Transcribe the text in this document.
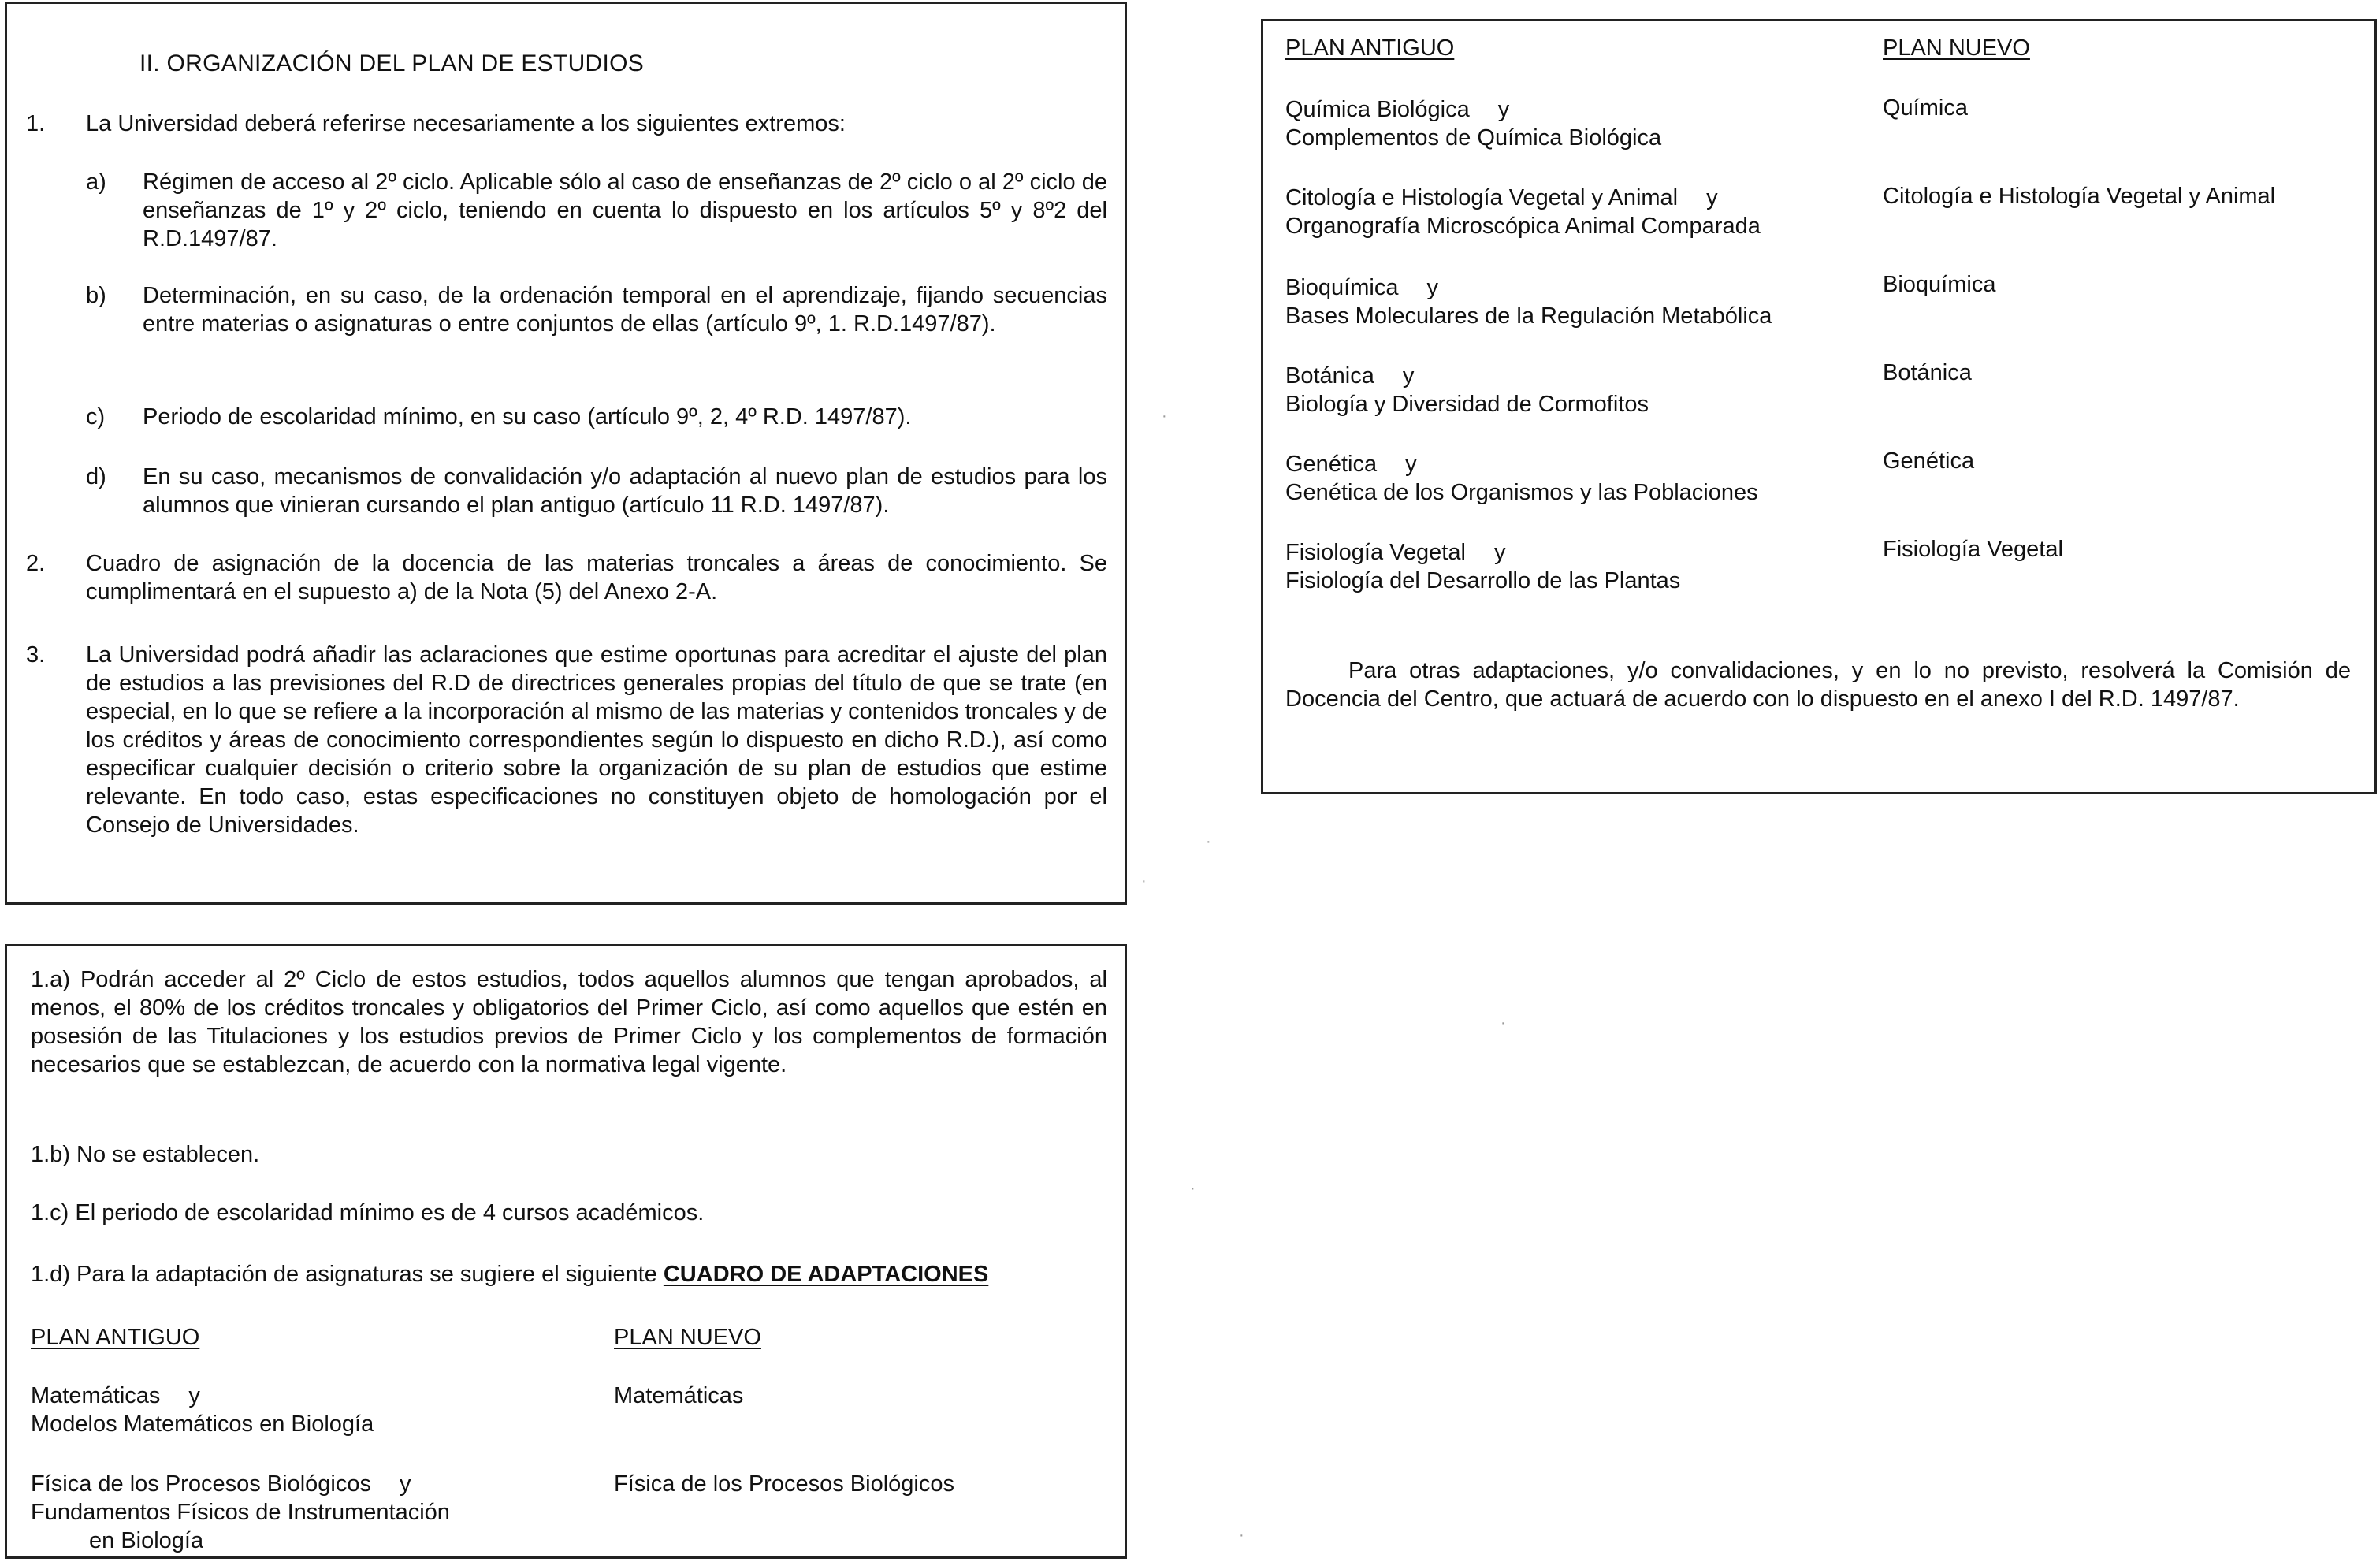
II. ORGANIZACIÓN DEL PLAN DE ESTUDIOS
1. La Universidad deberá referirse necesariamente a los siguientes extremos:
a) Régimen de acceso al 2º ciclo. Aplicable sólo al caso de enseñanzas de 2º ciclo o al 2º ciclo de enseñanzas de 1º y 2º ciclo, teniendo en cuenta lo dispuesto en los artículos 5º y 8º2 del R.D.1497/87.
b) Determinación, en su caso, de la ordenación temporal en el aprendizaje, fijando secuencias entre materias o asignaturas o entre conjuntos de ellas (artículo 9º, 1. R.D.1497/87).
c) Periodo de escolaridad mínimo, en su caso (artículo 9º, 2, 4º R.D. 1497/87).
d) En su caso, mecanismos de convalidación y/o adaptación al nuevo plan de estudios para los alumnos que vinieran cursando el plan antiguo (artículo 11 R.D. 1497/87).
2. Cuadro de asignación de la docencia de las materias troncales a áreas de conocimiento. Se cumplimentará en el supuesto a) de la Nota (5) del Anexo 2-A.
3. La Universidad podrá añadir las aclaraciones que estime oportunas para acreditar el ajuste del plan de estudios a las previsiones del R.D de directrices generales propias del título de que se trate (en especial, en lo que se refiere a la incorporación al mismo de las materias y contenidos troncales y de los créditos y áreas de conocimiento correspondientes según lo dispuesto en dicho R.D.), así como especificar cualquier decisión o criterio sobre la organización de su plan de estudios que estime relevante. En todo caso, estas especificaciones no constituyen objeto de homologación por el Consejo de Universidades.
1.a) Podrán acceder al 2º Ciclo de estos estudios, todos aquellos alumnos que tengan aprobados, al menos, el 80% de los créditos troncales y obligatorios del Primer Ciclo, así como aquellos que estén en posesión de las Titulaciones y los estudios previos de Primer Ciclo y los complementos de formación necesarios que se establezcan, de acuerdo con la normativa legal vigente.
1.b) No se establecen.
1.c) El periodo de escolaridad mínimo es de 4 cursos académicos.
1.d) Para la adaptación de asignaturas se sugiere el siguiente CUADRO DE ADAPTACIONES
PLAN ANTIGUO	PLAN NUEVO
Matemáticas y
Modelos Matemáticos en Biología
Matemáticas
Física de los Procesos Biológicos y
Fundamentos Físicos de Instrumentación
en Biología
Física de los Procesos Biológicos
PLAN ANTIGUO	PLAN NUEVO
Química Biológica y
Complementos de Química Biológica
Química
Citología e Histología Vegetal y Animal y
Organografía Microscópica Animal Comparada
Citología e Histología Vegetal y Animal
Bioquímica y
Bases Moleculares de la Regulación Metabólica
Bioquímica
Botánica y
Biología y Diversidad de Cormofitos
Botánica
Genética y
Genética de los Organismos y las Poblaciones
Genética
Fisiología Vegetal y
Fisiología del Desarrollo de las Plantas
Fisiología Vegetal
Para otras adaptaciones, y/o convalidaciones, y en lo no previsto, resolverá la Comisión de Docencia del Centro, que actuará de acuerdo con lo dispuesto en el anexo I del R.D. 1497/87.
·
·
·
·
·
·
